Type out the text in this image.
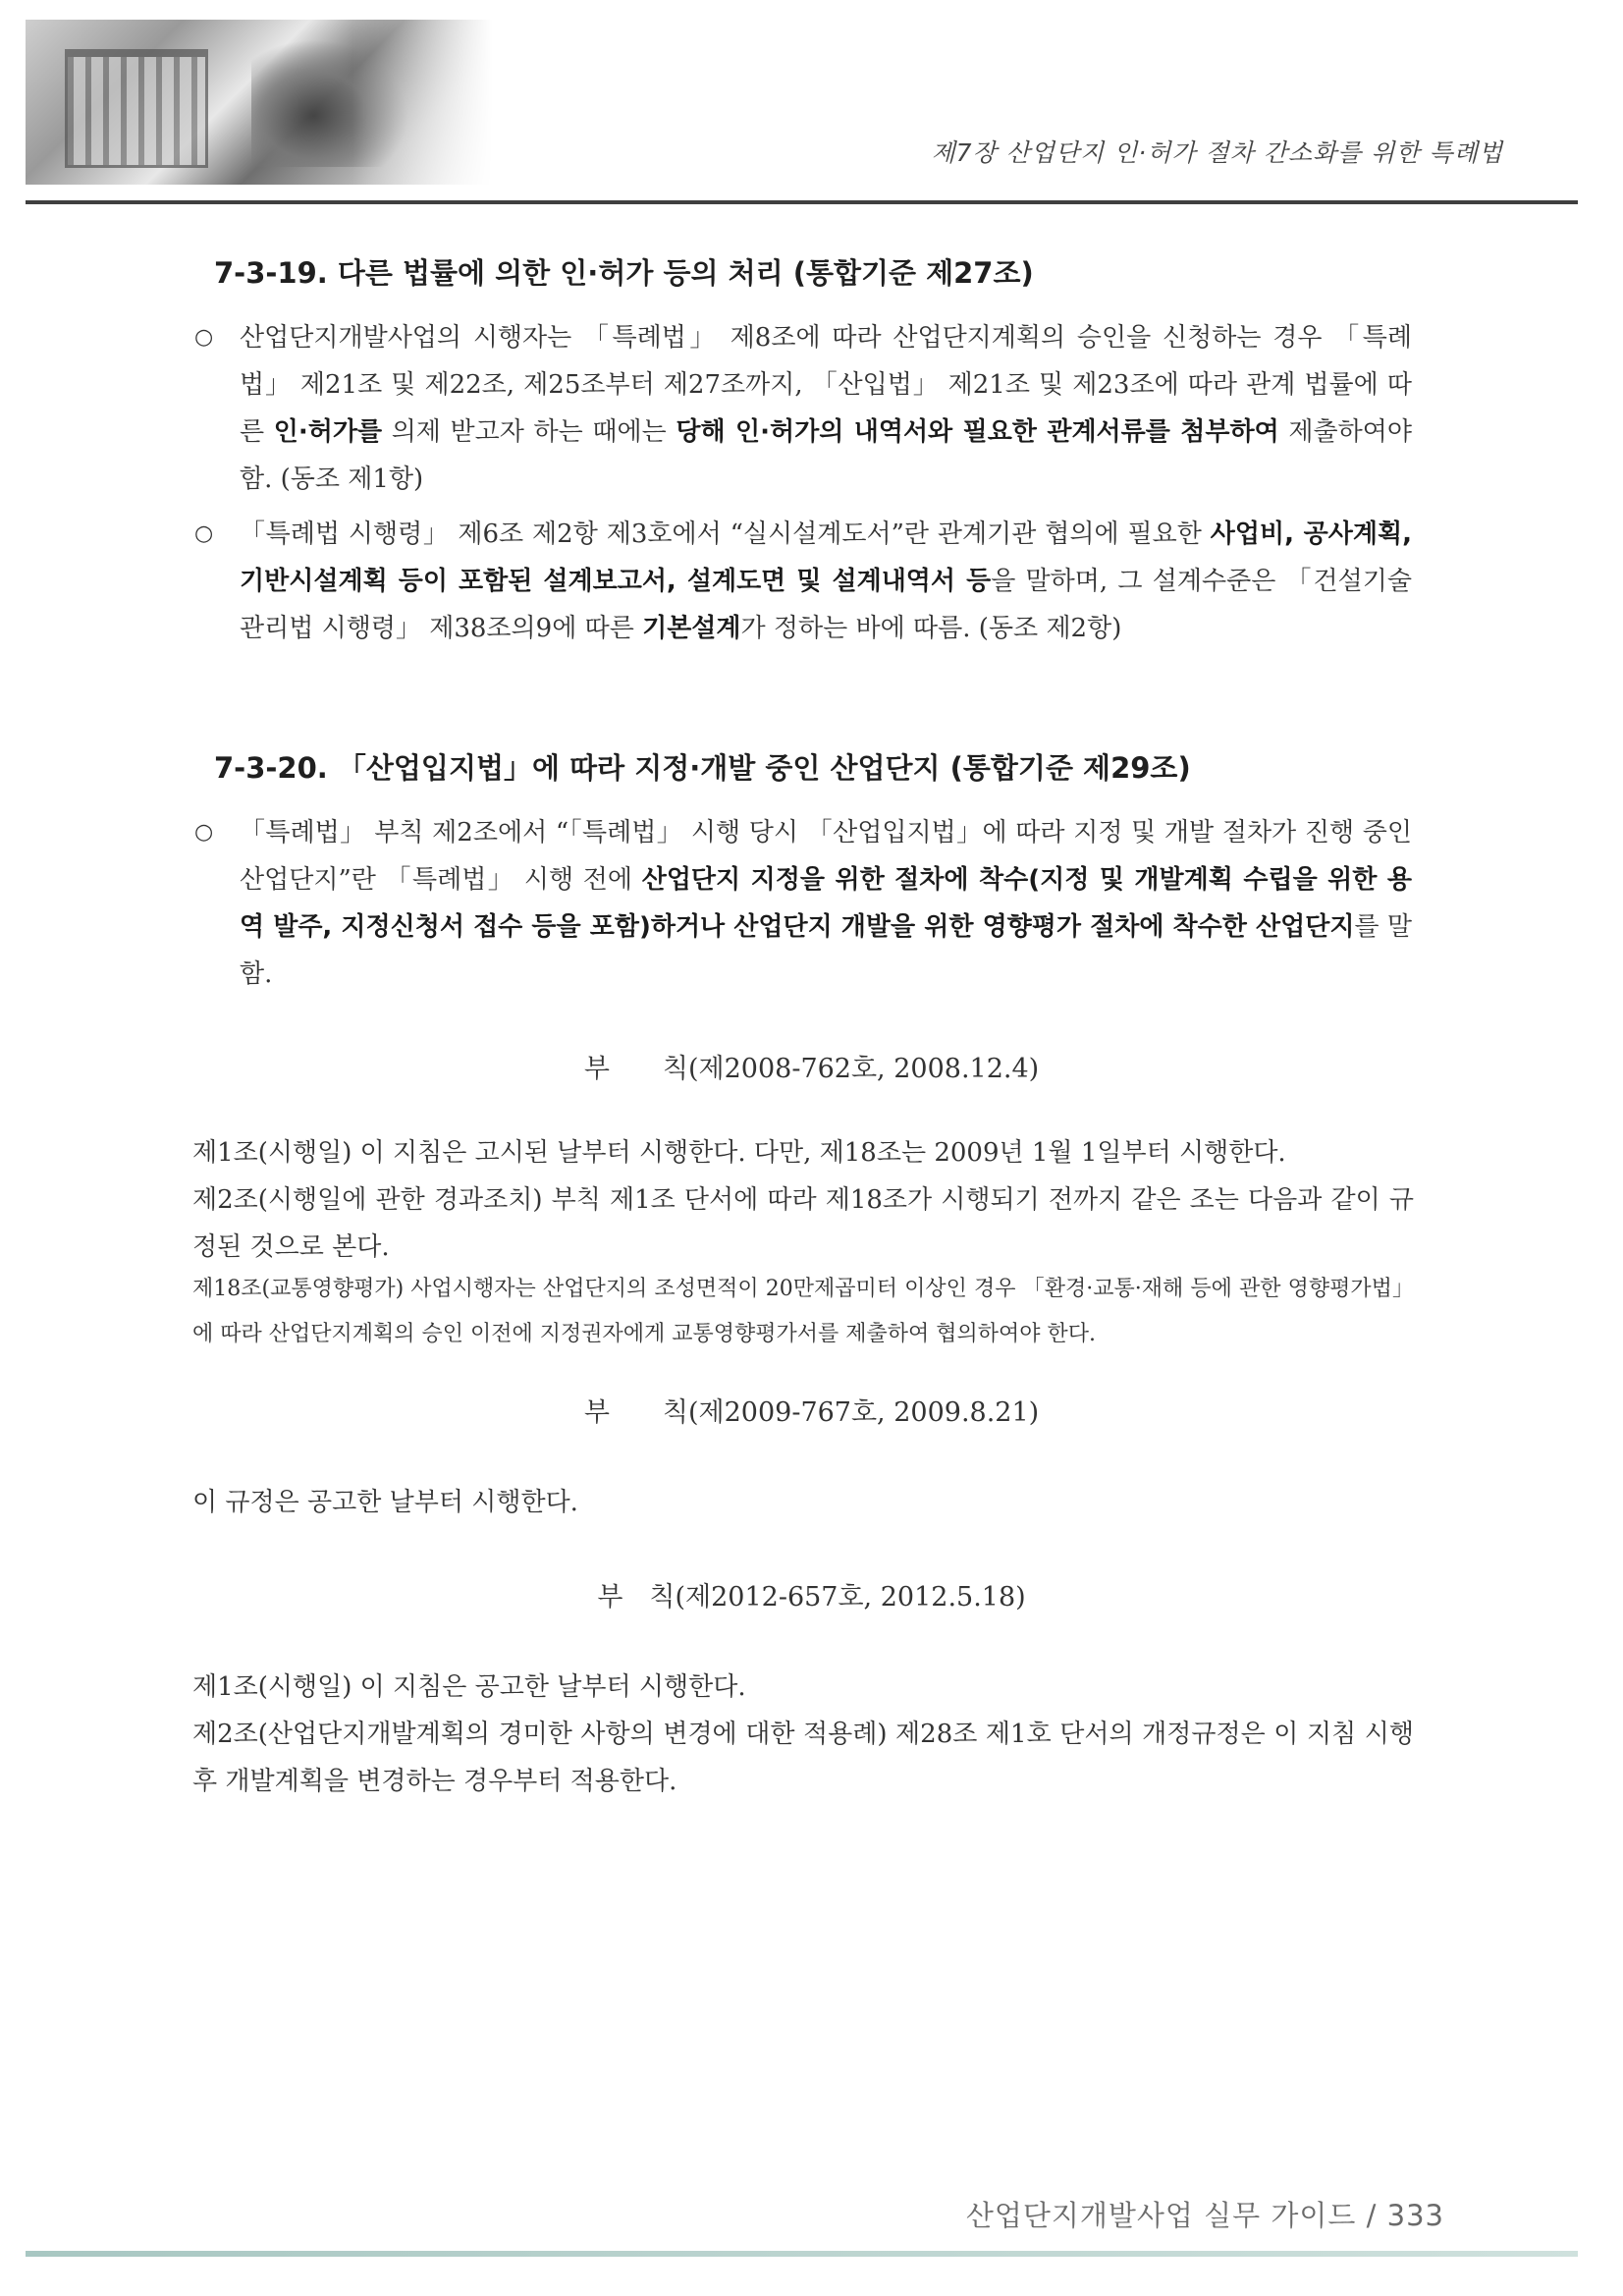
제7장 산업단지 인·허가 절차 간소화를 위한 특례법
7-3-19. 다른 법률에 의한 인·허가 등의 처리 (통합기준 제27조)
○ 산업단지개발사업의 시행자는 「특례법」 제8조에 따라 산업단지계획의 승인을 신청하는 경우 「특례법」 제21조 및 제22조, 제25조부터 제27조까지, 「산입법」 제21조 및 제23조에 따라 관계 법률에 따른 인·허가를 의제 받고자 하는 때에는 당해 인·허가의 내역서와 필요한 관계서류를 첨부하여 제출하여야 함. (동조 제1항)
○ 「특례법 시행령」 제6조 제2항 제3호에서 “실시설계도서”란 관계기관 협의에 필요한 사업비, 공사계획, 기반시설계획 등이 포함된 설계보고서, 설계도면 및 설계내역서 등을 말하며, 그 설계수준은 「건설기술관리법 시행령」 제38조의9에 따른 기본설계가 정하는 바에 따름. (동조 제2항)
7-3-20. 「산업입지법」에 따라 지정·개발 중인 산업단지 (통합기준 제29조)
○ 「특례법」 부칙 제2조에서 “「특례법」 시행 당시 「산업입지법」에 따라 지정 및 개발 절차가 진행 중인 산업단지”란 「특례법」 시행 전에 산업단지 지정을 위한 절차에 착수(지정 및 개발계획 수립을 위한 용역 발주, 지정신청서 접수 등을 포함)하거나 산업단지 개발을 위한 영향평가 절차에 착수한 산업단지를 말함.
부　　칙(제2008-762호, 2008.12.4)
제1조(시행일) 이 지침은 고시된 날부터 시행한다. 다만, 제18조는 2009년 1월 1일부터 시행한다.
제2조(시행일에 관한 경과조치) 부칙 제1조 단서에 따라 제18조가 시행되기 전까지 같은 조는 다음과 같이 규정된 것으로 본다.
제18조(교통영향평가) 사업시행자는 산업단지의 조성면적이 20만제곱미터 이상인 경우 「환경·교통·재해 등에 관한 영향평가법」에 따라 산업단지계획의 승인 이전에 지정권자에게 교통영향평가서를 제출하여 협의하여야 한다.
부　　칙(제2009-767호, 2009.8.21)
이 규정은 공고한 날부터 시행한다.
부　칙(제2012-657호, 2012.5.18)
제1조(시행일) 이 지침은 공고한 날부터 시행한다.
제2조(산업단지개발계획의 경미한 사항의 변경에 대한 적용례) 제28조 제1호 단서의 개정규정은 이 지침 시행 후 개발계획을 변경하는 경우부터 적용한다.
산업단지개발사업 실무 가이드 / 333
